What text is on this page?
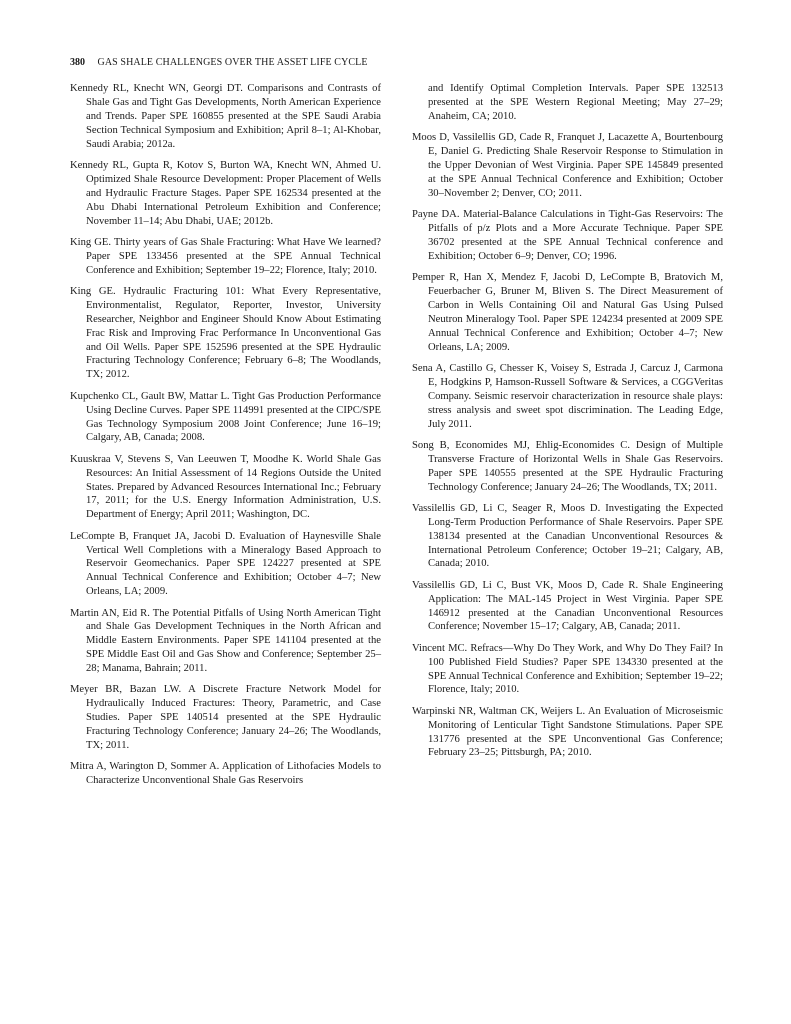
380 GAS SHALE CHALLENGES OVER THE ASSET LIFE CYCLE

Kennedy RL, Knecht WN, Georgi DT. Comparisons and Contrasts of Shale Gas and Tight Gas Developments, North American Experience and Trends. Paper SPE 160855 presented at the SPE Saudi Arabia Section Technical Symposium and Exhibition; April 8–1; Al-Khobar, Saudi Arabia; 2012a.

Kennedy RL, Gupta R, Kotov S, Burton WA, Knecht WN, Ahmed U. Optimized Shale Resource Development: Proper Placement of Wells and Hydraulic Fracture Stages. Paper SPE 162534 presented at the Abu Dhabi International Petroleum Exhibition and Conference; November 11–14; Abu Dhabi, UAE; 2012b.

King GE. Thirty years of Gas Shale Fracturing: What Have We learned? Paper SPE 133456 presented at the SPE Annual Technical Conference and Exhibition; September 19–22; Florence, Italy; 2010.

King GE. Hydraulic Fracturing 101: What Every Representative, Environmentalist, Regulator, Reporter, Investor, University Researcher, Neighbor and Engineer Should Know About Estimating Frac Risk and Improving Frac Performance In Unconventional Gas and Oil Wells. Paper SPE 152596 presented at the SPE Hydraulic Fracturing Technology Conference; February 6–8; The Woodlands, TX; 2012.

Kupchenko CL, Gault BW, Mattar L. Tight Gas Production Performance Using Decline Curves. Paper SPE 114991 presented at the CIPC/SPE Gas Technology Symposium 2008 Joint Conference; June 16–19; Calgary, AB, Canada; 2008.

Kuuskraa V, Stevens S, Van Leeuwen T, Moodhe K. World Shale Gas Resources: An Initial Assessment of 14 Regions Outside the United States. Prepared by Advanced Resources International Inc.; February 17, 2011; for the U.S. Energy Information Administration, U.S. Department of Energy; April 2011; Washington, DC.

LeCompte B, Franquet JA, Jacobi D. Evaluation of Haynesville Shale Vertical Well Completions with a Mineralogy Based Approach to Reservoir Geomechanics. Paper SPE 124227 presented at SPE Annual Technical Conference and Exhibition; October 4–7; New Orleans, LA; 2009.

Martin AN, Eid R. The Potential Pitfalls of Using North American Tight and Shale Gas Development Techniques in the North African and Middle Eastern Environments. Paper SPE 141104 presented at the SPE Middle East Oil and Gas Show and Conference; September 25–28; Manama, Bahrain; 2011.

Meyer BR, Bazan LW. A Discrete Fracture Network Model for Hydraulically Induced Fractures: Theory, Parametric, and Case Studies. Paper SPE 140514 presented at the SPE Hydraulic Fracturing Technology Conference; January 24–26; The Woodlands, TX; 2011.

Mitra A, Warington D, Sommer A. Application of Lithofacies Models to Characterize Unconventional Shale Gas Reservoirs

and Identify Optimal Completion Intervals. Paper SPE 132513 presented at the SPE Western Regional Meeting; May 27–29; Anaheim, CA; 2010.

Moos D, Vassilellis GD, Cade R, Franquet J, Lacazette A, Bourtenbourg E, Daniel G. Predicting Shale Reservoir Response to Stimulation in the Upper Devonian of West Virginia. Paper SPE 145849 presented at the SPE Annual Technical Conference and Exhibition; October 30–November 2; Denver, CO; 2011.

Payne DA. Material-Balance Calculations in Tight-Gas Reservoirs: The Pitfalls of p/z Plots and a More Accurate Technique. Paper SPE 36702 presented at the SPE Annual Technical conference and Exhibition; October 6–9; Denver, CO; 1996.

Pemper R, Han X, Mendez F, Jacobi D, LeCompte B, Bratovich M, Feuerbacher G, Bruner M, Bliven S. The Direct Measurement of Carbon in Wells Containing Oil and Natural Gas Using Pulsed Neutron Mineralogy Tool. Paper SPE 124234 presented at 2009 SPE Annual Technical Conference and Exhibition; October 4–7; New Orleans, LA; 2009.

Sena A, Castillo G, Chesser K, Voisey S, Estrada J, Carcuz J, Carmona E, Hodgkins P, Hamson-Russell Software & Services, a CGGVeritas Company. Seismic reservoir characterization in resource shale plays: stress analysis and sweet spot discrimination. The Leading Edge, July 2011.

Song B, Economides MJ, Ehlig-Economides C. Design of Multiple Transverse Fracture of Horizontal Wells in Shale Gas Reservoirs. Paper SPE 140555 presented at the SPE Hydraulic Fracturing Technology Conference; January 24–26; The Woodlands, TX; 2011.

Vassilellis GD, Li C, Seager R, Moos D. Investigating the Expected Long-Term Production Performance of Shale Reservoirs. Paper SPE 138134 presented at the Canadian Unconventional Resources & International Petroleum Conference; October 19–21; Calgary, AB, Canada; 2010.

Vassilellis GD, Li C, Bust VK, Moos D, Cade R. Shale Engineering Application: The MAL-145 Project in West Virginia. Paper SPE 146912 presented at the Canadian Unconventional Resources Conference; November 15–17; Calgary, AB, Canada; 2011.

Vincent MC. Refracs—Why Do They Work, and Why Do They Fail? In 100 Published Field Studies? Paper SPE 134330 presented at the SPE Annual Technical Conference and Exhibition; September 19–22; Florence, Italy; 2010.

Warpinski NR, Waltman CK, Weijers L. An Evaluation of Microseismic Monitoring of Lenticular Tight Sandstone Stimulations. Paper SPE 131776 presented at the SPE Unconventional Gas Conference; February 23–25; Pittsburgh, PA; 2010.
